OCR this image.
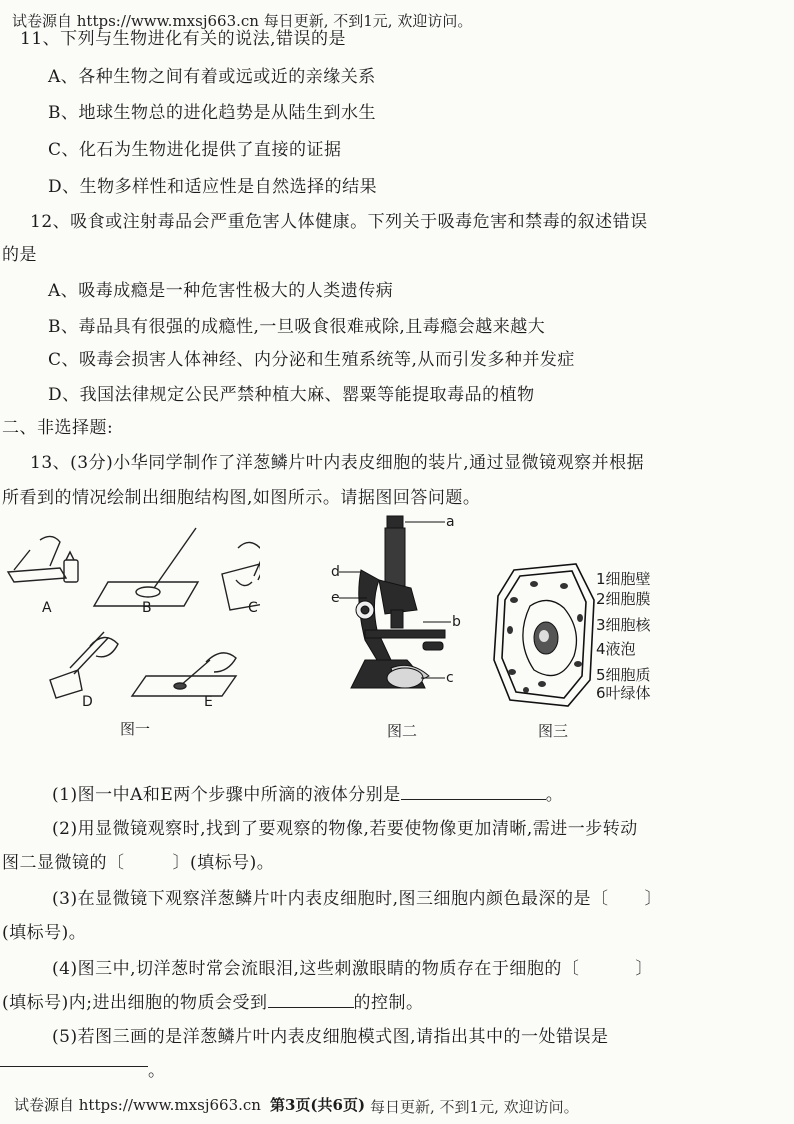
试卷源自 https://www.mxsj663.cn 每日更新, 不到1元, 欢迎访问。
11、下列与生物进化有关的说法,错误的是
A、各种生物之间有着或远或近的亲缘关系
B、地球生物总的进化趋势是从陆生到水生
C、化石为生物进化提供了直接的证据
D、生物多样性和适应性是自然选择的结果
12、吸食或注射毒品会严重危害人体健康。下列关于吸毒危害和禁毒的叙述错误
的是
A、吸毒成瘾是一种危害性极大的人类遗传病
B、毒品具有很强的成瘾性,一旦吸食很难戒除,且毒瘾会越来越大
C、吸毒会损害人体神经、内分泌和生殖系统等,从而引发多种并发症
D、我国法律规定公民严禁种植大麻、罂粟等能提取毒品的植物
二、非选择题:
13、(3分)小华同学制作了洋葱鳞片叶内表皮细胞的装片,通过显微镜观察并根据
所看到的情况绘制出细胞结构图,如图所示。请据图回答问题。
A	B	C
D	E
图一
a
b
c
d
e
图二
1细胞壁
2细胞膜
3细胞核
4液泡
5细胞质
6叶绿体
图三
(1)图一中A和E两个步骤中所滴的液体分别是	。
(2)用显微镜观察时,找到了要观察的物像,若要使物像更加清晰,需进一步转动
图二显微镜的〔	〕(填标号)。
(3)在显微镜下观察洋葱鳞片叶内表皮细胞时,图三细胞内颜色最深的是〔 〕
(填标号)。
(4)图三中,切洋葱时常会流眼泪,这些刺激眼睛的物质存在于细胞的〔	〕
(填标号)内;进出细胞的物质会受到	的控制。
(5)若图三画的是洋葱鳞片叶内表皮细胞模式图,请指出其中的一处错误是
。
试卷源自 https://www.mxsj663.cn 第3页(共6页) 每日更新, 不到1元, 欢迎访问。
